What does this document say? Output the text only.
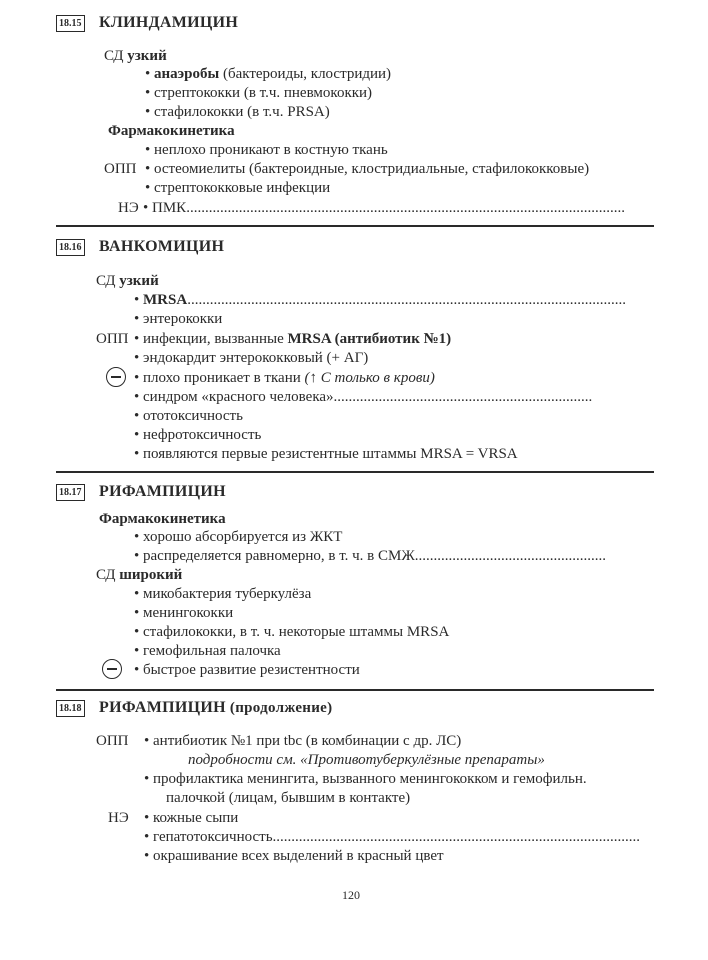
18.15 КЛИНДАМИЦИН
СД узкий
• анаэробы (бактероиды, клостридии)
• стрептококки (в т.ч. пневмококки)
• стафилококки (в т.ч. PRSA)
Фармакокинетика
• неплохо проникают в костную ткань
ОПП • остеомиелиты (бактероидные, клостридиальные, стафилококковые)
• стрептококковые инфекции
НЭ • ПМК.....
18.16 ВАНКОМИЦИН
СД узкий
• MRSA.....
• энтерококки
ОПП • инфекции, вызванные MRSA (антибиотик №1)
• эндокардит энтерококковый (+ АГ)
• плохо проникает в ткани (↑ С только в крови)
• синдром «красного человека».....
• ототоксичность
• нефротоксичность
• появляются первые резистентные штаммы MRSA = VRSA
18.17 РИФАМПИЦИН
Фармакокинетика
• хорошо абсорбируется из ЖКТ
• распределяется равномерно, в т. ч. в СМЖ.....
СД широкий
• микобактерия туберкулёза
• менингококки
• стафилококки, в т. ч. некоторые штаммы MRSA
• гемофильная палочка
• быстрое развитие резистентности
18.18 РИФАМПИЦИН (продолжение)
ОПП • антибиотик №1 при tbc (в комбинации с др. ЛС)
подробности см. «Противотуберкулёзные препараты»
• профилактика менингита, вызванного менингококком и гемофильн.
палочкой (лицам, бывшим в контакте)
НЭ • кожные сыпи
• гепатотоксичность.....
• окрашивание всех выделений в красный цвет
120
